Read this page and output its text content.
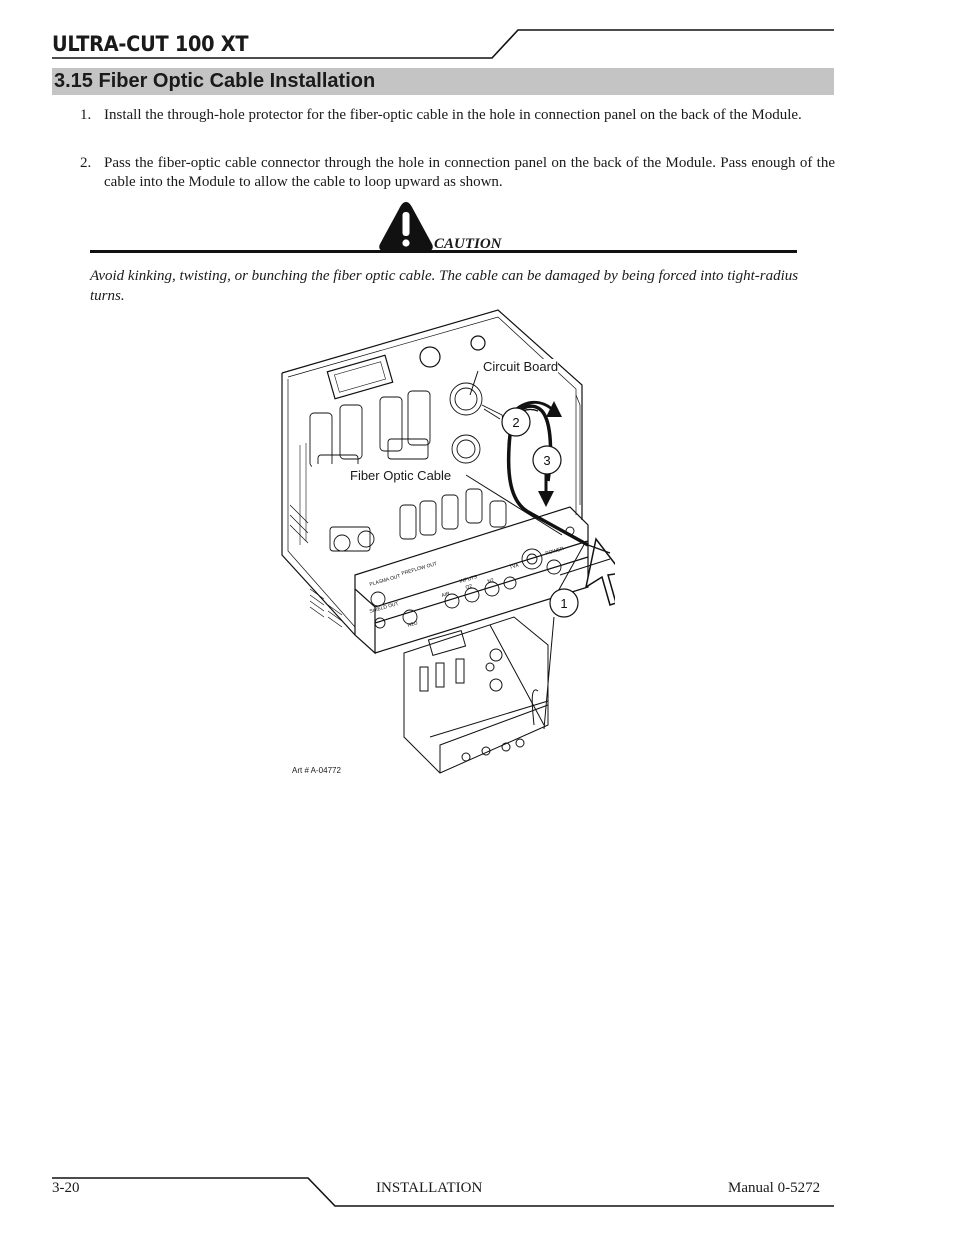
ULTRA-CUT 100 XT
3.15 Fiber Optic Cable Installation
1. Install the through-hole protector for the fiber-optic cable in the hole in connection panel on the back of the Module.
2. Pass the fiber-optic cable connector through the hole in connection panel on the back of the Module. Pass enough of the cable into the Module to allow the cable to loop upward as shown.
CAUTION
Avoid kinking, twisting, or bunching the fiber optic cable. The cable can be damaged by being forced into tight-radius turns.
PLASMA OUT
PREFLOW OUT
INPUTS
SHIELD OUT
AIR
O2
N2
H2O
POWER
TVA
2
3
1
Circuit Board
Fiber Optic Cable
Art # A-04772
3-20	INSTALLATION	Manual 0-5272
